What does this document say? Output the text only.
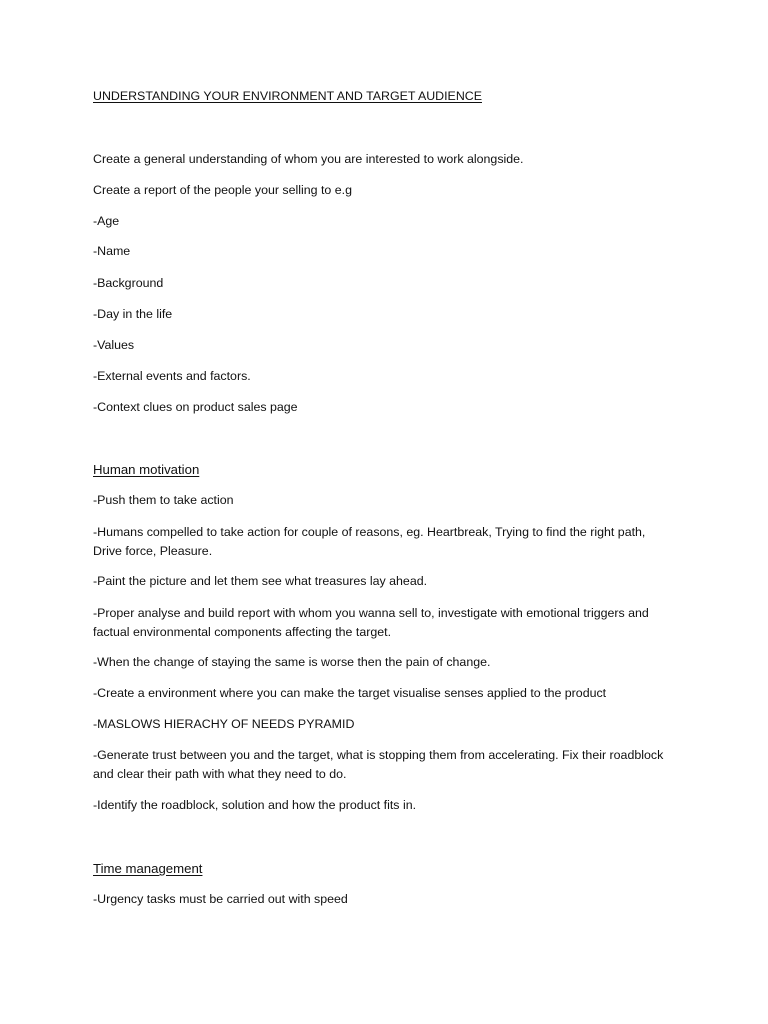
UNDERSTANDING YOUR ENVIRONMENT AND TARGET AUDIENCE
Create a general understanding of whom you are interested to work alongside.
Create a report of the people your selling to e.g
-Age
-Name
-Background
-Day in the life
-Values
-External events and factors.
-Context clues on product sales page
Human motivation
-Push them to take action
-Humans compelled to take action for couple of reasons, eg. Heartbreak, Trying to find the right path, Drive force, Pleasure.
-Paint the picture and let them see what treasures lay ahead.
-Proper analyse and build report with whom you wanna sell to, investigate with emotional triggers and factual environmental components affecting the target.
-When the change of staying the same is worse then the pain of change.
-Create a environment where you can make the target visualise senses applied to the product
-MASLOWS HIERACHY OF NEEDS PYRAMID
-Generate trust between you and the target, what is stopping them from accelerating. Fix their roadblock and clear their path with what they need to do.
-Identify the roadblock, solution and how the product fits in.
Time management
-Urgency tasks must be carried out with speed
